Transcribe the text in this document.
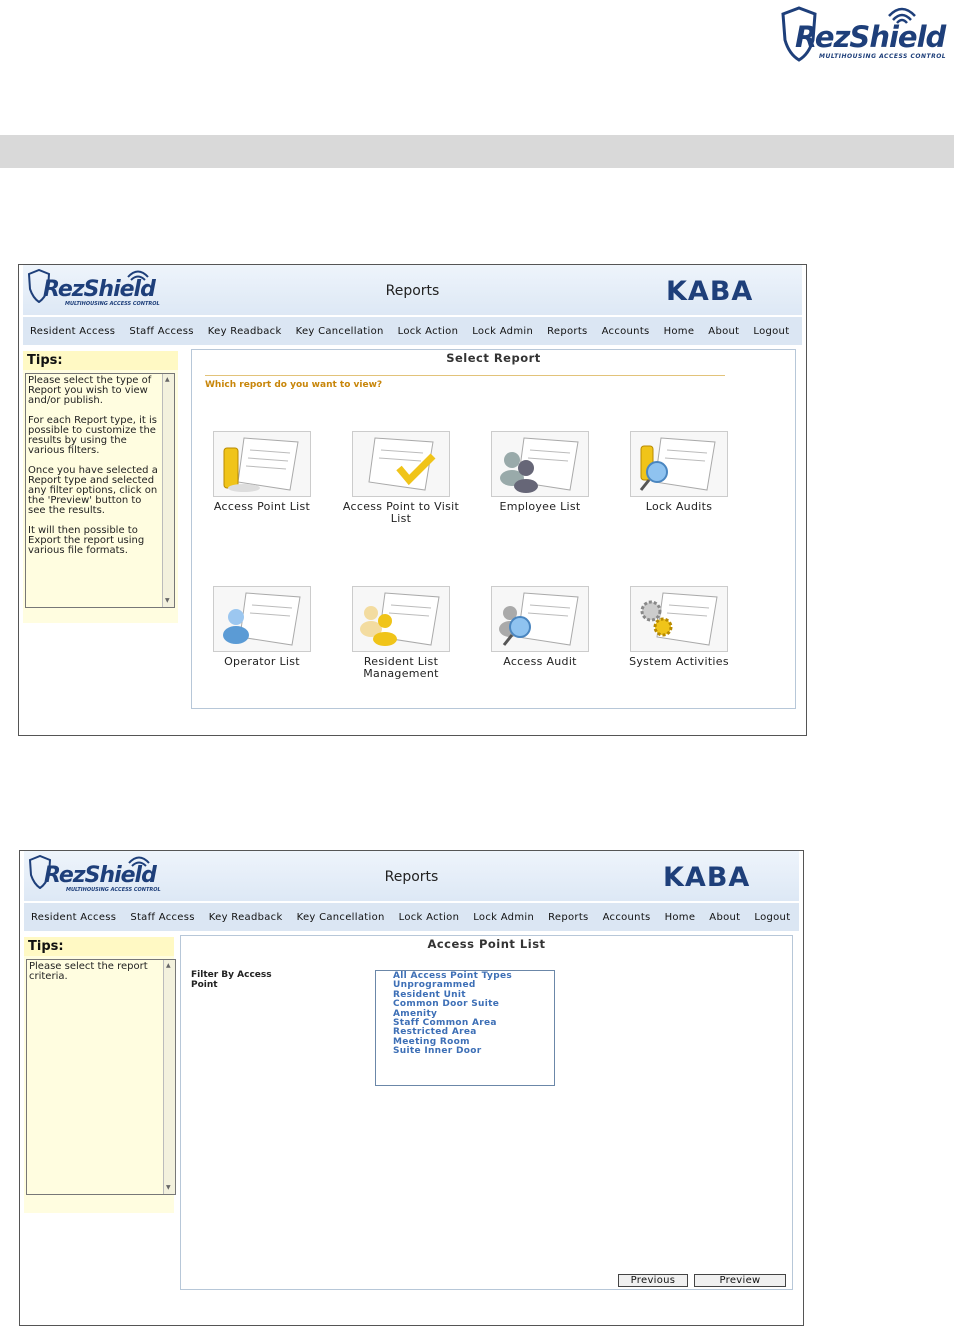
RezShield
MULTIHOUSING ACCESS CONTROL
RezShield
MULTIHOUSING ACCESS CONTROL
Reports	KABA
Resident Access	Staff Access	Key Readback	Key Cancellation	Lock Action	Lock Admin	Reports	Accounts	Home	About	Logout
Tips:
Please select the type of Report you wish to view and/or publish.

For each Report type, it is possible to customize the results by using the various filters.

Once you have selected a Report type and selected any filter options, click on the 'Preview' button to see the results.

It will then possible to Export the report using various file formats.
▲ ▼
Select Report
Which report do you want to view?
Access Point List	Access Point to Visit List
Employee List	Lock Audits
Operator List	Resident List Management
Access Audit	System Activities
RezShield
MULTIHOUSING ACCESS CONTROL
Reports	KABA
Resident Access	Staff Access	Key Readback	Key Cancellation	Lock Action	Lock Admin	Reports	Accounts	Home	About	Logout
Tips:
Please select the report criteria.
▲ ▼
Access Point List
Filter By Access Point
All Access Point Types
Unprogrammed
Resident Unit
Common Door Suite
Amenity
Staff Common Area
Restricted Area
Meeting Room
Suite Inner Door
Previous	Preview
